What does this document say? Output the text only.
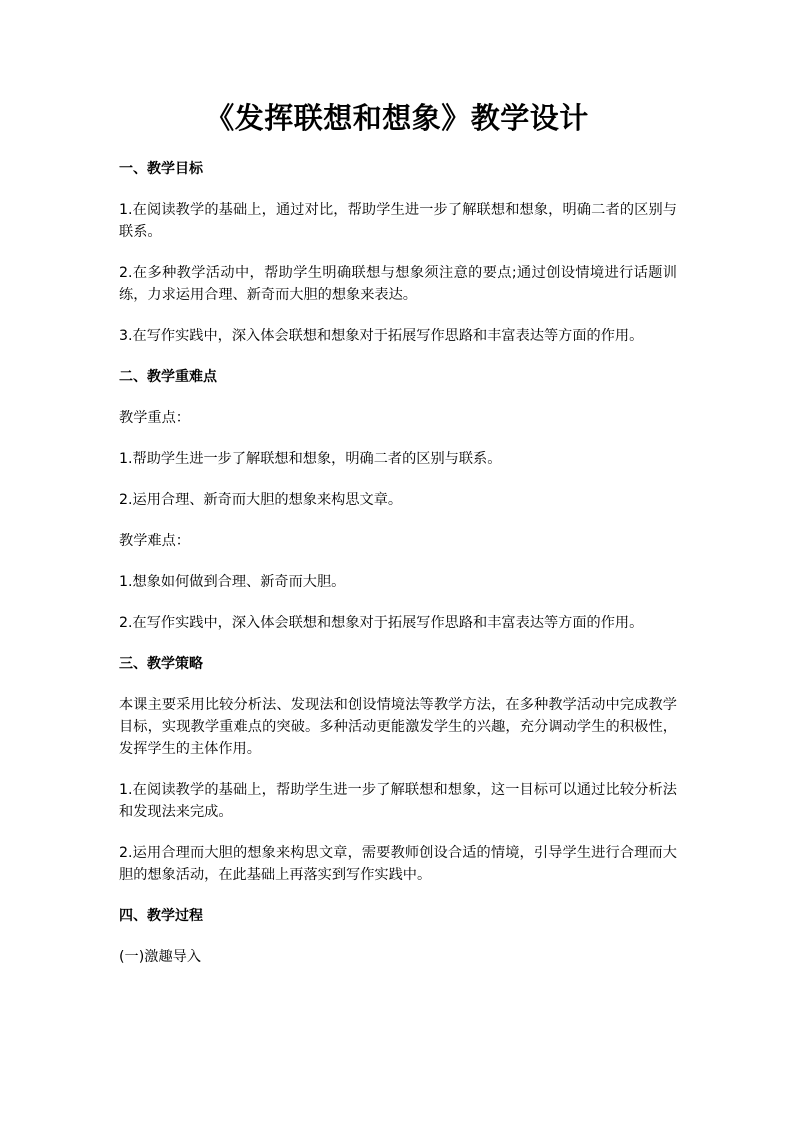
《发挥联想和想象》教学设计
一、教学目标
1.在阅读教学的基础上，通过对比，帮助学生进一步了解联想和想象，明确二者的区别与联系。
2.在多种教学活动中，帮助学生明确联想与想象须注意的要点;通过创设情境进行话题训练，力求运用合理、新奇而大胆的想象来表达。
3.在写作实践中，深入体会联想和想象对于拓展写作思路和丰富表达等方面的作用。
二、教学重难点
教学重点：
1.帮助学生进一步了解联想和想象，明确二者的区别与联系。
2.运用合理、新奇而大胆的想象来构思文章。
教学难点：
1.想象如何做到合理、新奇而大胆。
2.在写作实践中，深入体会联想和想象对于拓展写作思路和丰富表达等方面的作用。
三、教学策略
本课主要采用比较分析法、发现法和创设情境法等教学方法，在多种教学活动中完成教学目标，实现教学重难点的突破。多种活动更能激发学生的兴趣，充分调动学生的积极性，发挥学生的主体作用。
1.在阅读教学的基础上，帮助学生进一步了解联想和想象，这一目标可以通过比较分析法和发现法来完成。
2.运用合理而大胆的想象来构思文章，需要教师创设合适的情境，引导学生进行合理而大胆的想象活动，在此基础上再落实到写作实践中。
四、教学过程
(一)激趣导入
